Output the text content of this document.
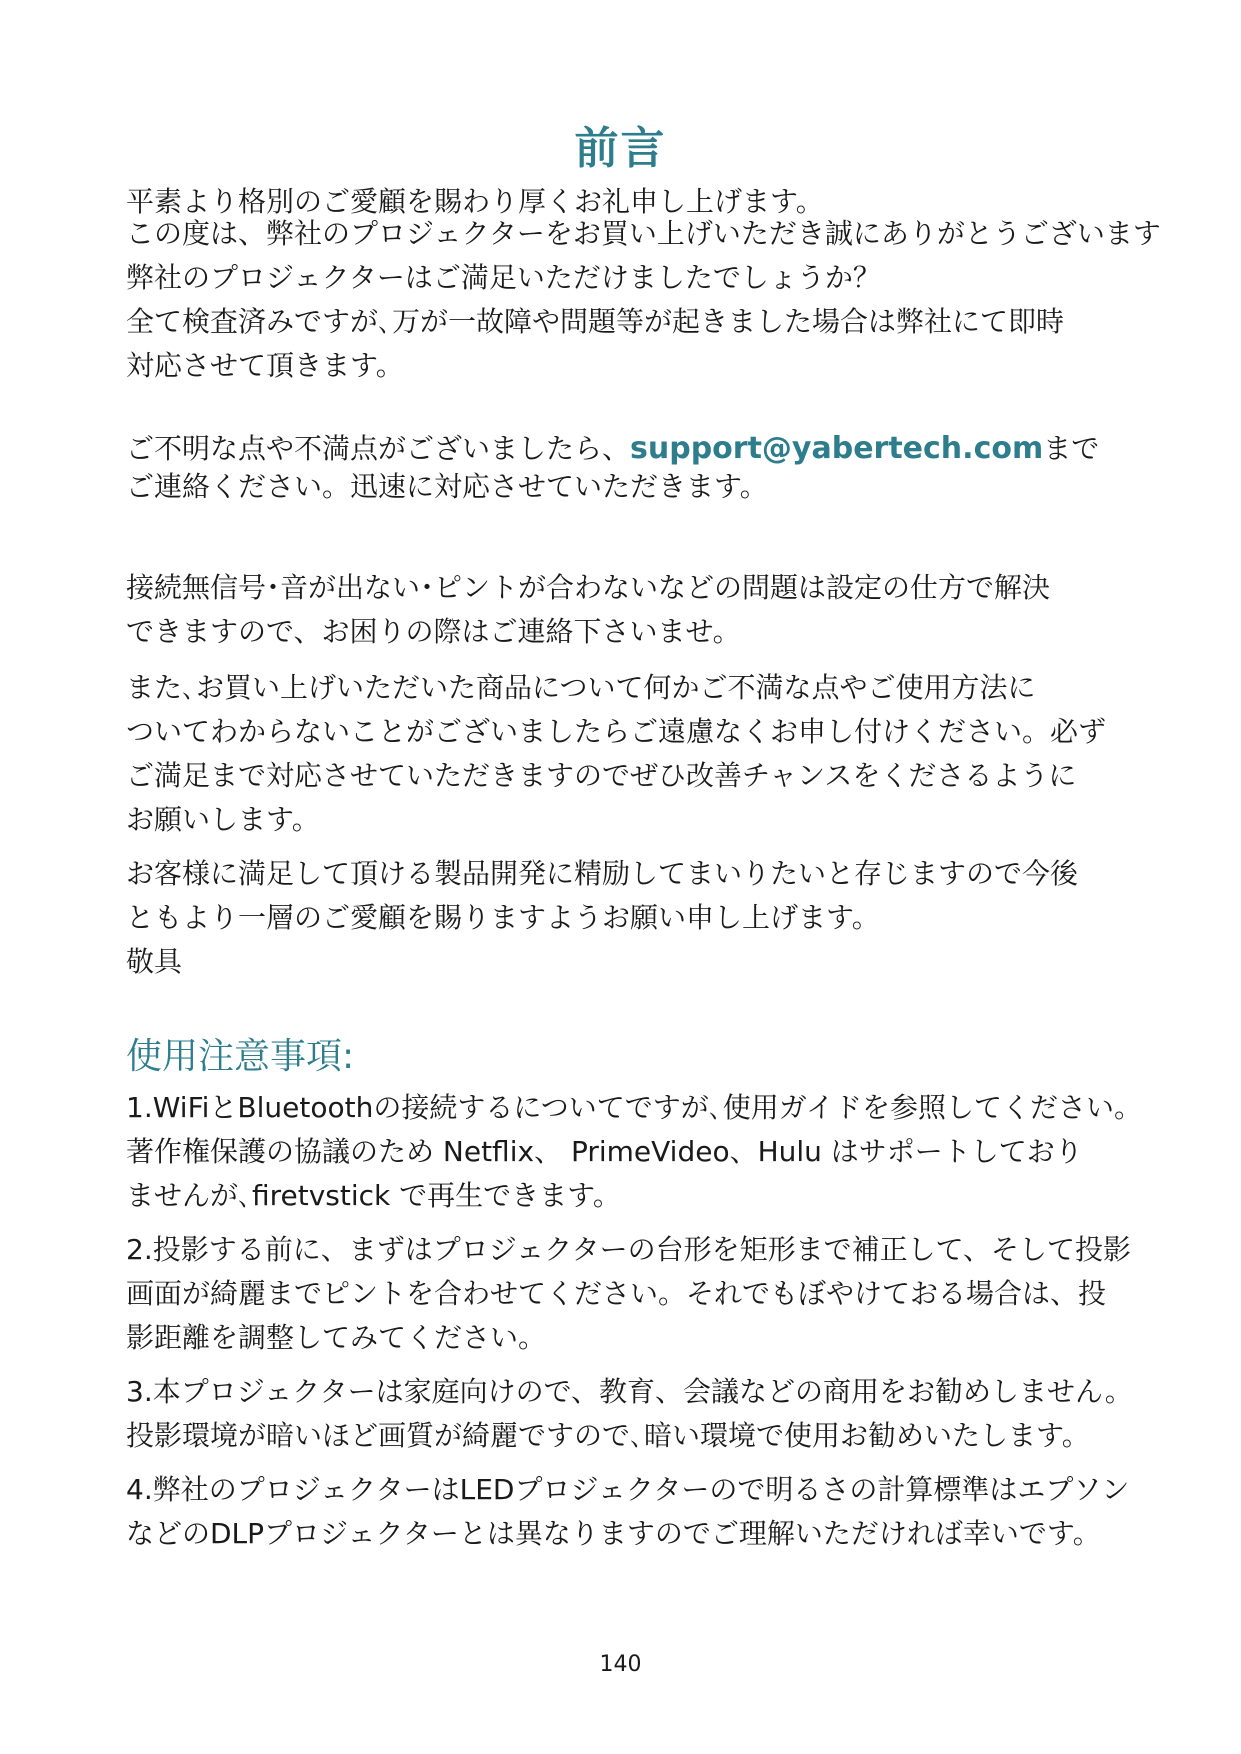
前言
平素より格別のご愛顧を賜わり厚くお礼申し上げます。
この度は、弊社のプロジェクターをお買い上げいただき誠にありがとうございます
弊社のプロジェクターはご満足いただけましたでしょうか？
全て検査済みですが､万が一故障や問題等が起きました場合は弊社にて即時
対応させて頂きます。
ご不明な点や不満点がございましたら、support@yabertech.comまで
ご連絡ください。迅速に対応させていただきます。
接続無信号･音が出ない･ピントが合わないなどの問題は設定の仕方で解決
できますので、お困りの際はご連絡下さいませ。
また､お買い上げいただいた商品について何かご不満な点やご使用方法に
ついてわからないことがございましたらご遠慮なくお申し付けください。必ず
ご満足まで対応させていただきますのでぜひ改善チャンスをくださるように
お願いします。
お客様に満足して頂ける製品開発に精励してまいりたいと存じますので今後
ともより一層のご愛顧を賜りますようお願い申し上げます。
敬具
使用注意事項:
1.WiFiとBluetoothの接続するについてですが､使用ガイドを参照してください。
著作権保護の協議のため Netflix、 PrimeVideo、Hulu はサポートしており
ませんが､firetvstick で再生できます。
2.投影する前に、まずはプロジェクターの台形を矩形まで補正して、そして投影
画面が綺麗までピントを合わせてください。それでもぼやけておる場合は、投
影距離を調整してみてください。
3.本プロジェクターは家庭向けので、教育、会議などの商用をお勧めしません。
投影環境が暗いほど画質が綺麗ですので､暗い環境で使用お勧めいたします。
4.弊社のプロジェクターはLEDプロジェクターので明るさの計算標準はエプソン
などのDLPプロジェクターとは異なりますのでご理解いただければ幸いです。
140
